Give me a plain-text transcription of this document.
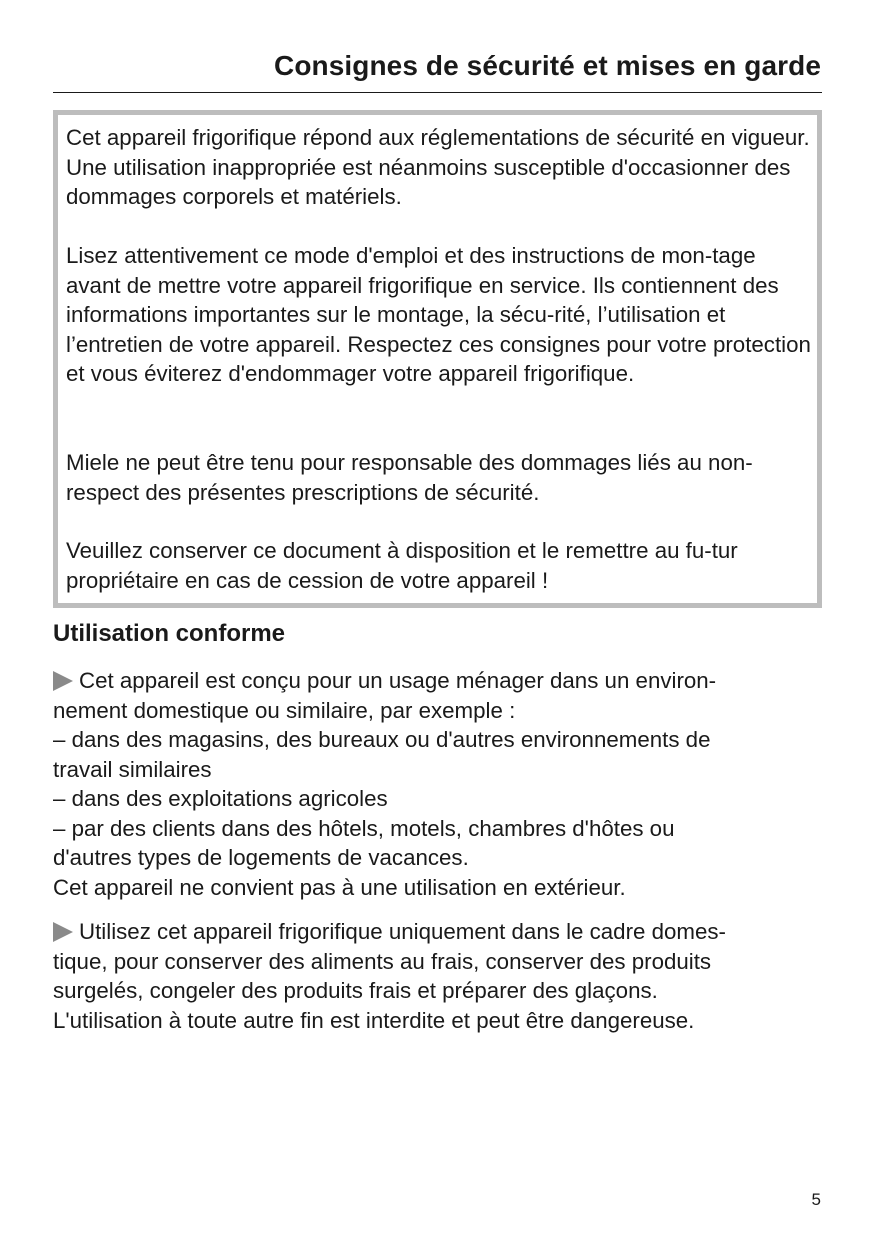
Consignes de sécurité et mises en garde

Cet appareil frigorifique répond aux réglementations de sécurité en vigueur. Une utilisation inappropriée est néanmoins susceptible d'occasionner des dommages corporels et matériels.

Lisez attentivement ce mode d'emploi et des instructions de mon-tage avant de mettre votre appareil frigorifique en service. Ils contiennent des informations importantes sur le montage, la sécu-rité, l’utilisation et l’entretien de votre appareil. Respectez ces consignes pour votre protection et vous éviterez d'endommager votre appareil frigorifique.

Miele ne peut être tenu pour responsable des dommages liés au non-respect des présentes prescriptions de sécurité.

Veuillez conserver ce document à disposition et le remettre au fu-tur propriétaire en cas de cession de votre appareil !

Utilisation conforme

Cet appareil est conçu pour un usage ménager dans un environ-
nement domestique ou similaire, par exemple :
– dans des magasins, des bureaux ou d'autres environnements de
travail similaires
– dans des exploitations agricoles
– par des clients dans des hôtels, motels, chambres d'hôtes ou
d'autres types de logements de vacances.
Cet appareil ne convient pas à une utilisation en extérieur.

Utilisez cet appareil frigorifique uniquement dans le cadre domes-
tique, pour conserver des aliments au frais, conserver des produits
surgelés, congeler des produits frais et préparer des glaçons.
L'utilisation à toute autre fin est interdite et peut être dangereuse.

5
